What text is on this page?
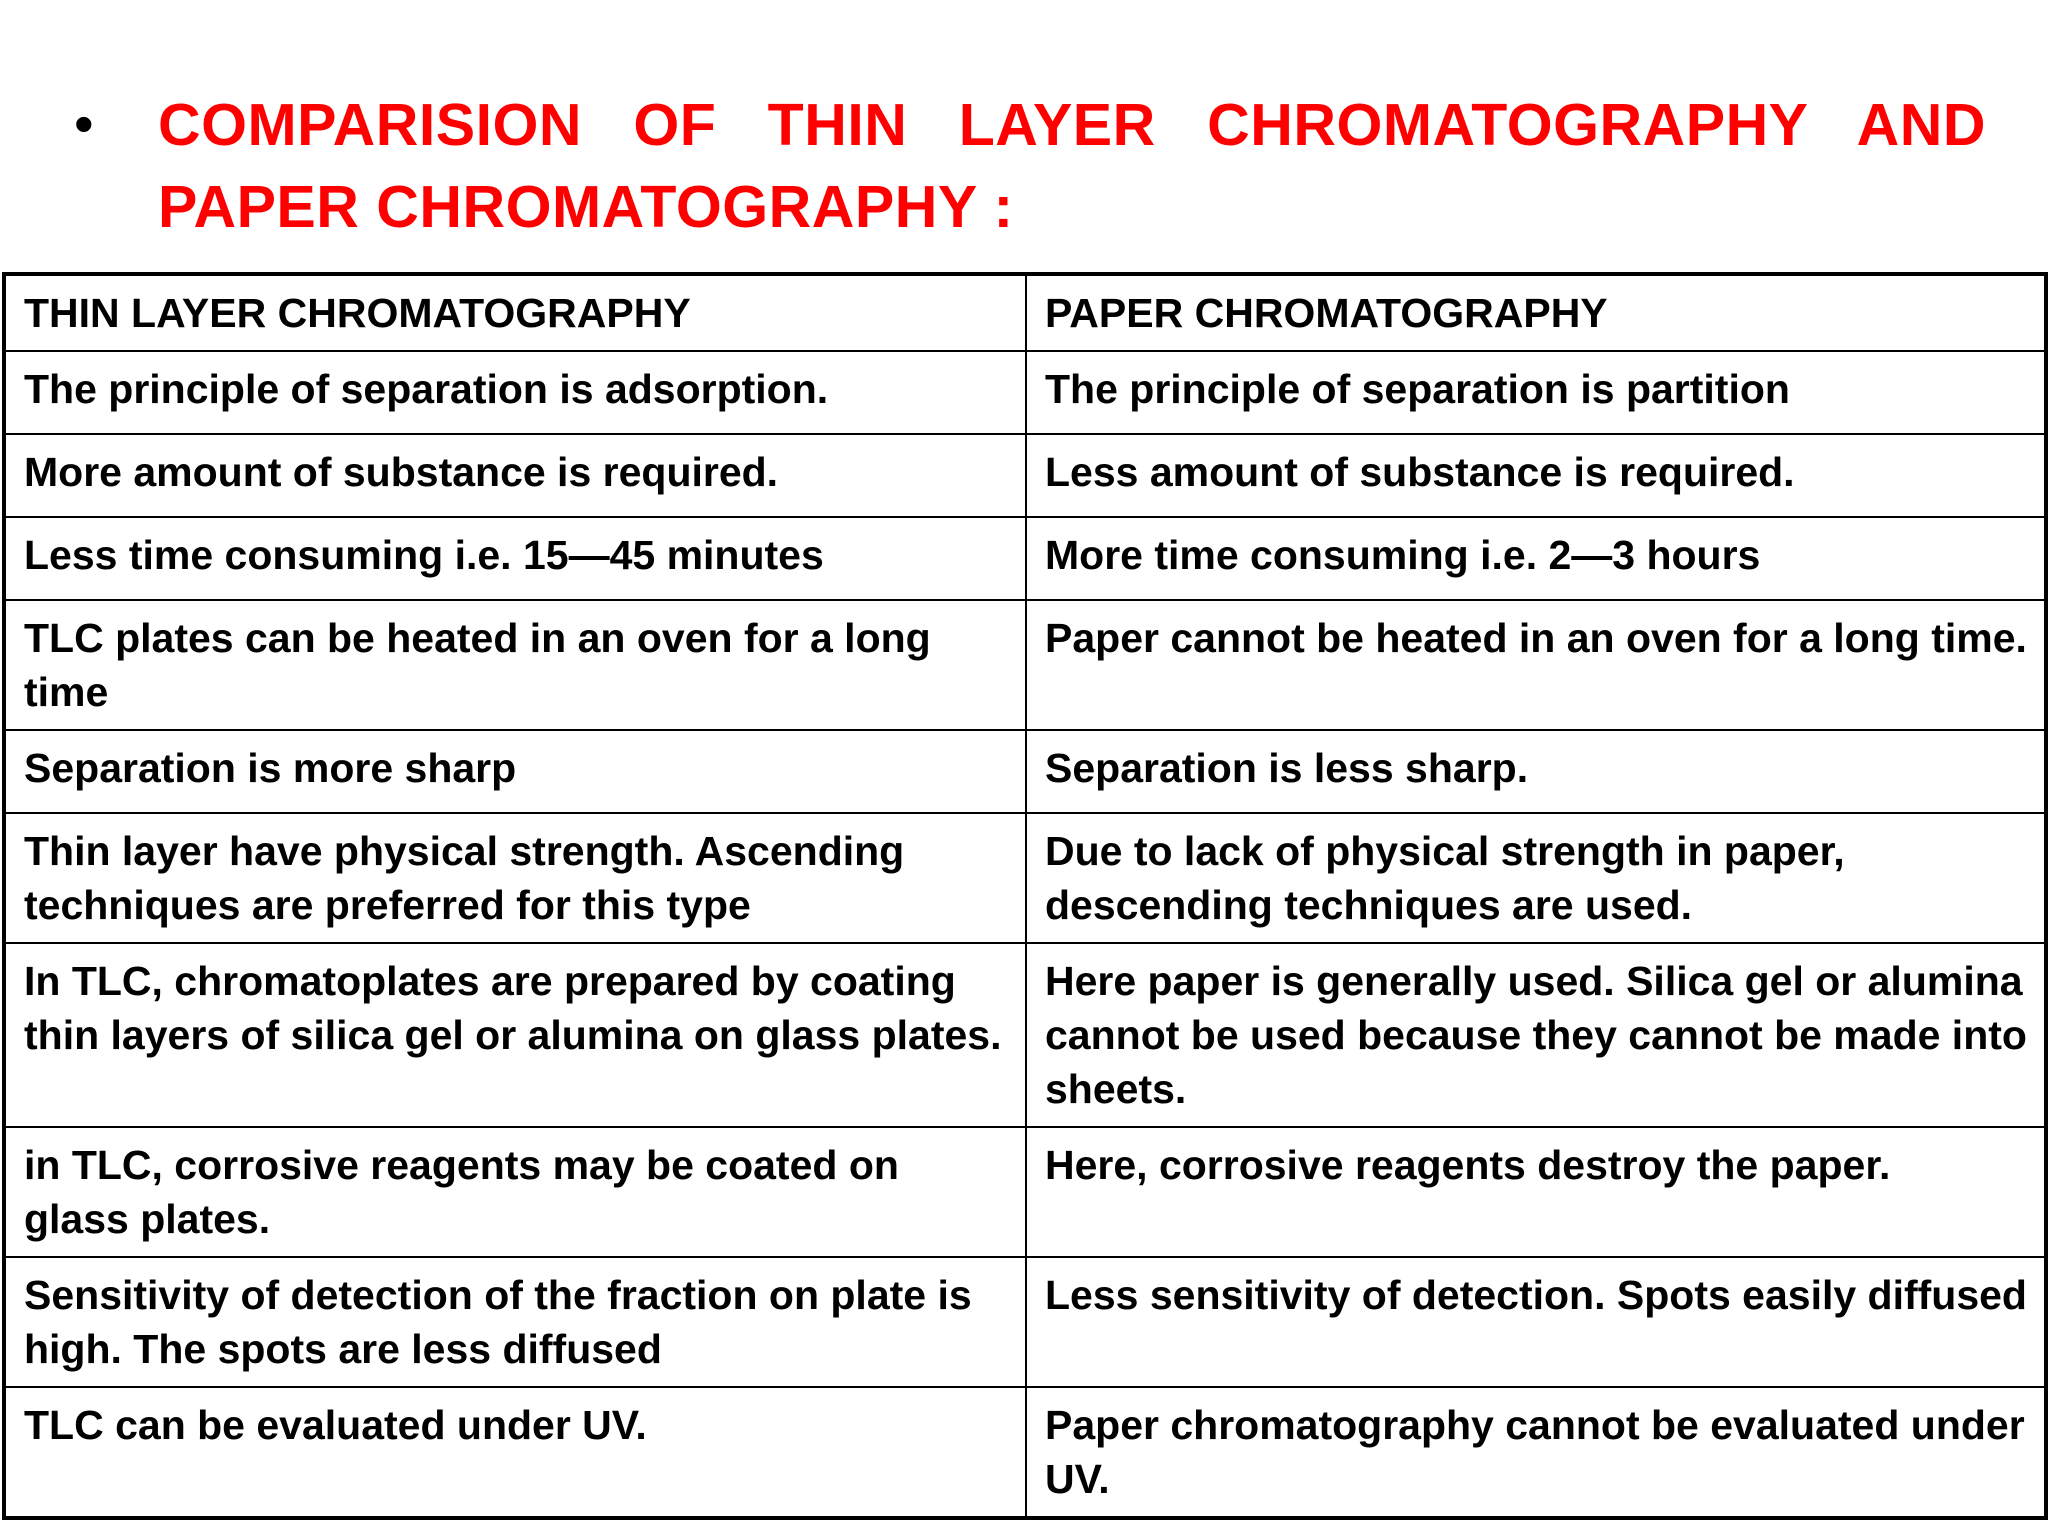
•	COMPARISION OF THIN LAYER CHROMATOGRAPHY AND PAPER CHROMATOGRAPHY :
THIN LAYER CHROMATOGRAPHY	PAPER CHROMATOGRAPHY
The principle of separation is adsorption.	The principle of separation is partition
More amount of substance is required.	Less amount of substance is required.
Less time consuming i.e. 15—45 minutes	More time consuming i.e. 2—3 hours
TLC plates can be heated in an oven for a long time	Paper cannot be heated in an oven for a long time.
Separation is more sharp	Separation is less sharp.
Thin layer have physical strength. Ascending techniques are preferred for this type	Due to lack of physical strength in paper, descending techniques are used.
In TLC, chromatoplates are prepared by coating thin layers of silica gel or alumina on glass plates.	Here paper is generally used. Silica gel or alumina cannot be used because they cannot be made into sheets.
in TLC, corrosive reagents may be coated on glass plates.	Here, corrosive reagents destroy the paper.
Sensitivity of detection of the fraction on plate is high. The spots are less diffused	Less sensitivity of detection. Spots easily diffused
TLC can be evaluated under UV.	Paper chromatography cannot be evaluated under UV.
